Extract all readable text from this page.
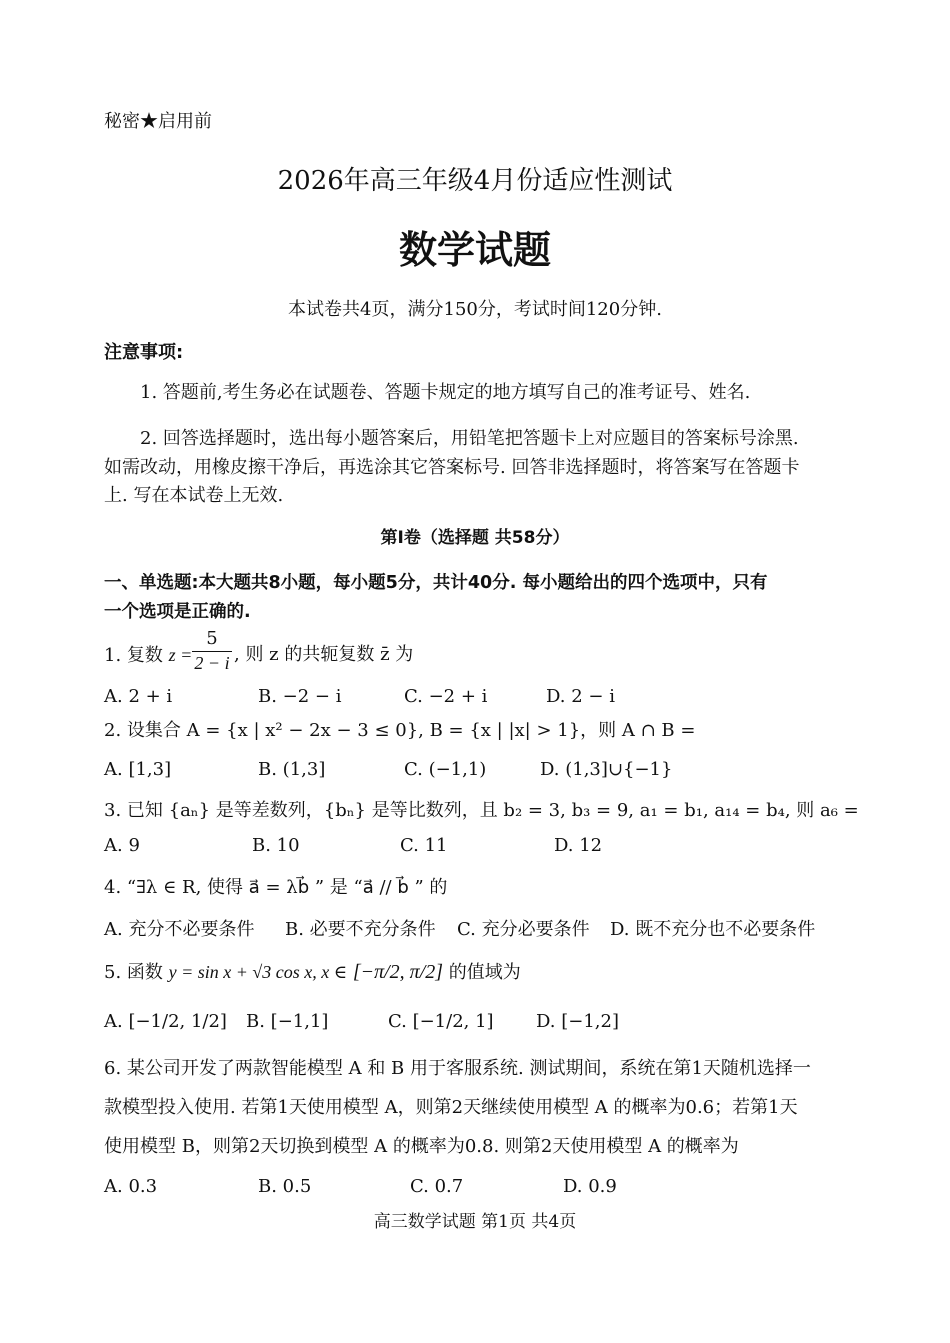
秘密★启用前
2026年高三年级4月份适应性测试
数学试题
本试卷共4页，满分150分，考试时间120分钟.
注意事项:
1. 答题前,考生务必在试题卷、答题卡规定的地方填写自己的准考证号、姓名.
2. 回答选择题时，选出每小题答案后，用铅笔把答题卡上对应题目的答案标号涂黑.
如需改动，用橡皮擦干净后，再选涂其它答案标号. 回答非选择题时，将答案写在答题卡
上. 写在本试卷上无效.
第Ⅰ卷（选择题 共58分）
一、单选题:本大题共8小题，每小题5分，共计40分. 每小题给出的四个选项中，只有
一个选项是正确的.
1. 复数 $z = \frac{5}{2 - i}$ , 则 z 的共轭复数 z̄ 为
A. 2 + i	B. −2 − i	C. −2 + i	D. 2 − i
2. 设集合 A = {x | x² − 2x − 3 ≤ 0}, B = {x | |x| > 1}，则 A ∩ B =
A. [1,3]	B. (1,3]	C. (−1,1)	D. (1,3]∪{−1}
3. 已知 {aₙ} 是等差数列，{bₙ} 是等比数列，且 b₂ = 3, b₃ = 9, a₁ = b₁, a₁₄ = b₄, 则 a₆ =
A. 9	B. 10	C. 11	D. 12
4. “∃λ ∈ R, 使得 a⃗ = λb⃗ ” 是 “a⃗ // b⃗ ” 的
A. 充分不必要条件 B. 必要不充分条件 C. 充分必要条件 D. 既不充分也不必要条件
5. 函数 y = sin x + √3 cos x, x ∈ [−π/2, π/2] 的值域为
A. [−1/2, 1/2] B. [−1,1]	C. [−1/2, 1] D. [−1,2]
6. 某公司开发了两款智能模型 A 和 B 用于客服系统. 测试期间，系统在第1天随机选择一
款模型投入使用. 若第1天使用模型 A，则第2天继续使用模型 A 的概率为0.6；若第1天
使用模型 B，则第2天切换到模型 A 的概率为0.8. 则第2天使用模型 A 的概率为
A. 0.3	B. 0.5	C. 0.7	D. 0.9
高三数学试题 第1页 共4页
